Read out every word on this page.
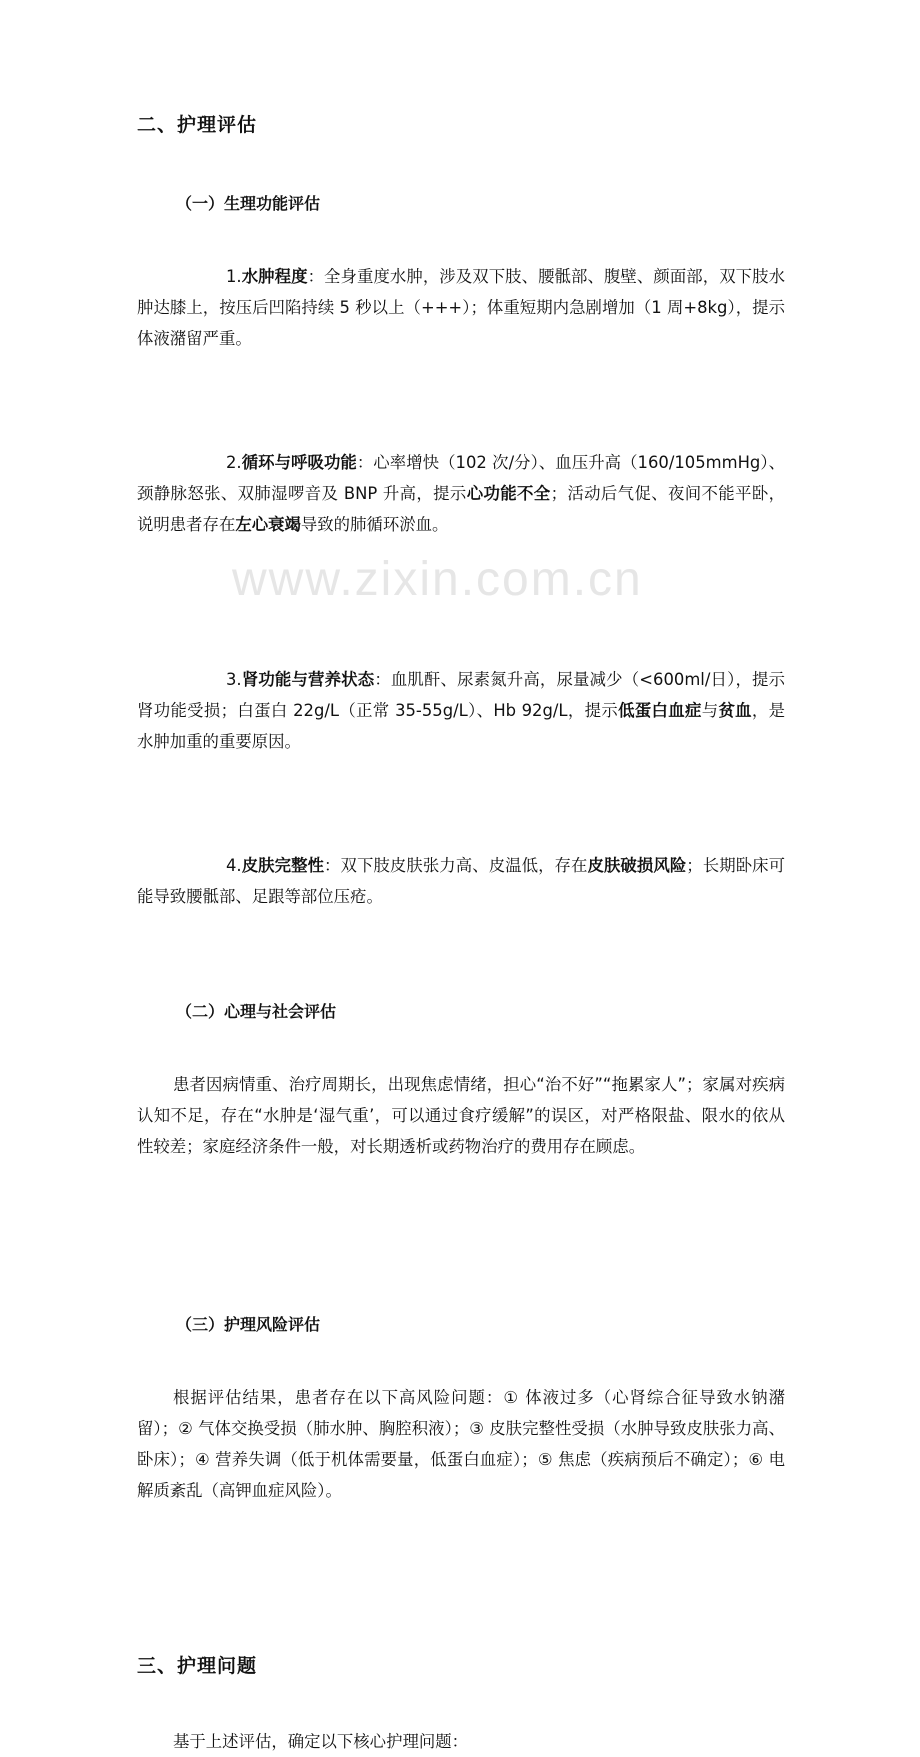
www.zixin.com.cn
二、护理评估
（一）生理功能评估
1.水肿程度：全身重度水肿，涉及双下肢、腰骶部、腹壁、颜面部，双下肢水肿达膝上，按压后凹陷持续 5 秒以上（+++）；体重短期内急剧增加（1 周+8kg），提示体液潴留严重。
2.循环与呼吸功能：心率增快（102 次/分）、血压升高（160/105mmHg）、颈静脉怒张、双肺湿啰音及 BNP 升高，提示心功能不全；活动后气促、夜间不能平卧，说明患者存在左心衰竭导致的肺循环淤血。
3.肾功能与营养状态：血肌酐、尿素氮升高，尿量减少（<600ml/日），提示肾功能受损；白蛋白 22g/L（正常 35-55g/L）、Hb 92g/L，提示低蛋白血症与贫血，是水肿加重的重要原因。
4.皮肤完整性：双下肢皮肤张力高、皮温低，存在皮肤破损风险；长期卧床可能导致腰骶部、足跟等部位压疮。
（二）心理与社会评估
患者因病情重、治疗周期长，出现焦虑情绪，担心“治不好”“拖累家人”；家属对疾病认知不足，存在“水肿是‘湿气重’，可以通过食疗缓解”的误区，对严格限盐、限水的依从性较差；家庭经济条件一般，对长期透析或药物治疗的费用存在顾虑。
（三）护理风险评估
根据评估结果，患者存在以下高风险问题：① 体液过多（心肾综合征导致水钠潴留）；② 气体交换受损（肺水肿、胸腔积液）；③ 皮肤完整性受损（水肿导致皮肤张力高、卧床）；④ 营养失调（低于机体需要量，低蛋白血症）；⑤ 焦虑（疾病预后不确定）；⑥ 电解质紊乱（高钾血症风险）。
三、护理问题
基于上述评估，确定以下核心护理问题：
